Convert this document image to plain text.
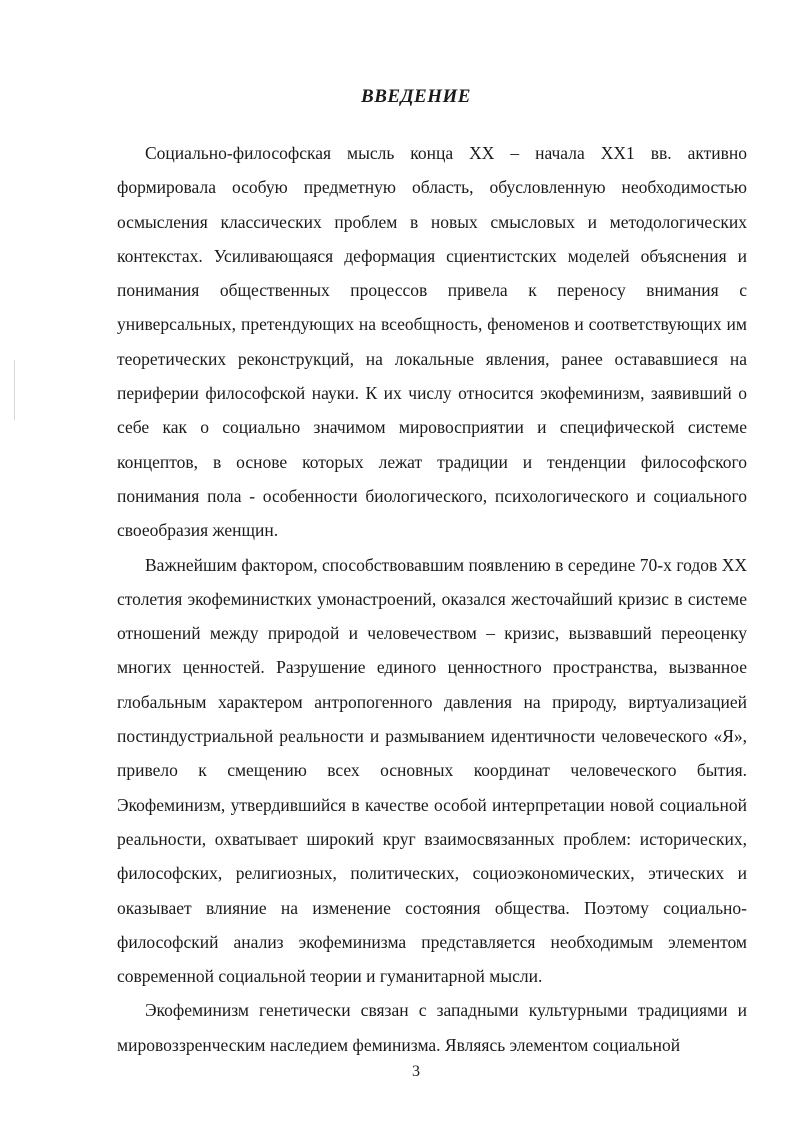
ВВЕДЕНИЕ

Социально-философская мысль конца XX – начала XX1 вв. активно формировала особую предметную область, обусловленную необходимостью осмысления классических проблем в новых смысловых и методологических контекстах. Усиливающаяся деформация сциентистских моделей объяснения и понимания общественных процессов привела к переносу внимания с универсальных, претендующих на всеобщность, феноменов и соответствующих им теоретических реконструкций, на локальные явления, ранее остававшиеся на периферии философской науки. К их числу относится экофеминизм, заявивший о себе как о социально значимом мировосприятии и специфической системе концептов, в основе которых лежат традиции и тенденции философского понимания пола - особенности биологического, психологического и социального своеобразия женщин.

Важнейшим фактором, способствовавшим появлению в середине 70-х годов XX столетия экофеминистких умонастроений, оказался жесточайший кризис в системе отношений между природой и человечеством – кризис, вызвавший переоценку многих ценностей. Разрушение единого ценностного пространства, вызванное глобальным характером антропогенного давления на природу, виртуализацией постиндустриальной реальности и размыванием идентичности человеческого «Я», привело к смещению всех основных координат человеческого бытия. Экофеминизм, утвердившийся в качестве особой интерпретации новой социальной реальности, охватывает широкий круг взаимосвязанных проблем: исторических, философских, религиозных, политических, социоэкономических, этических и оказывает влияние на изменение состояния общества. Поэтому социально-философский анализ экофеминизма представляется необходимым элементом современной социальной теории и гуманитарной мысли.

Экофеминизм генетически связан с западными культурными традициями и мировоззренческим наследием феминизма. Являясь элементом социальной

3
